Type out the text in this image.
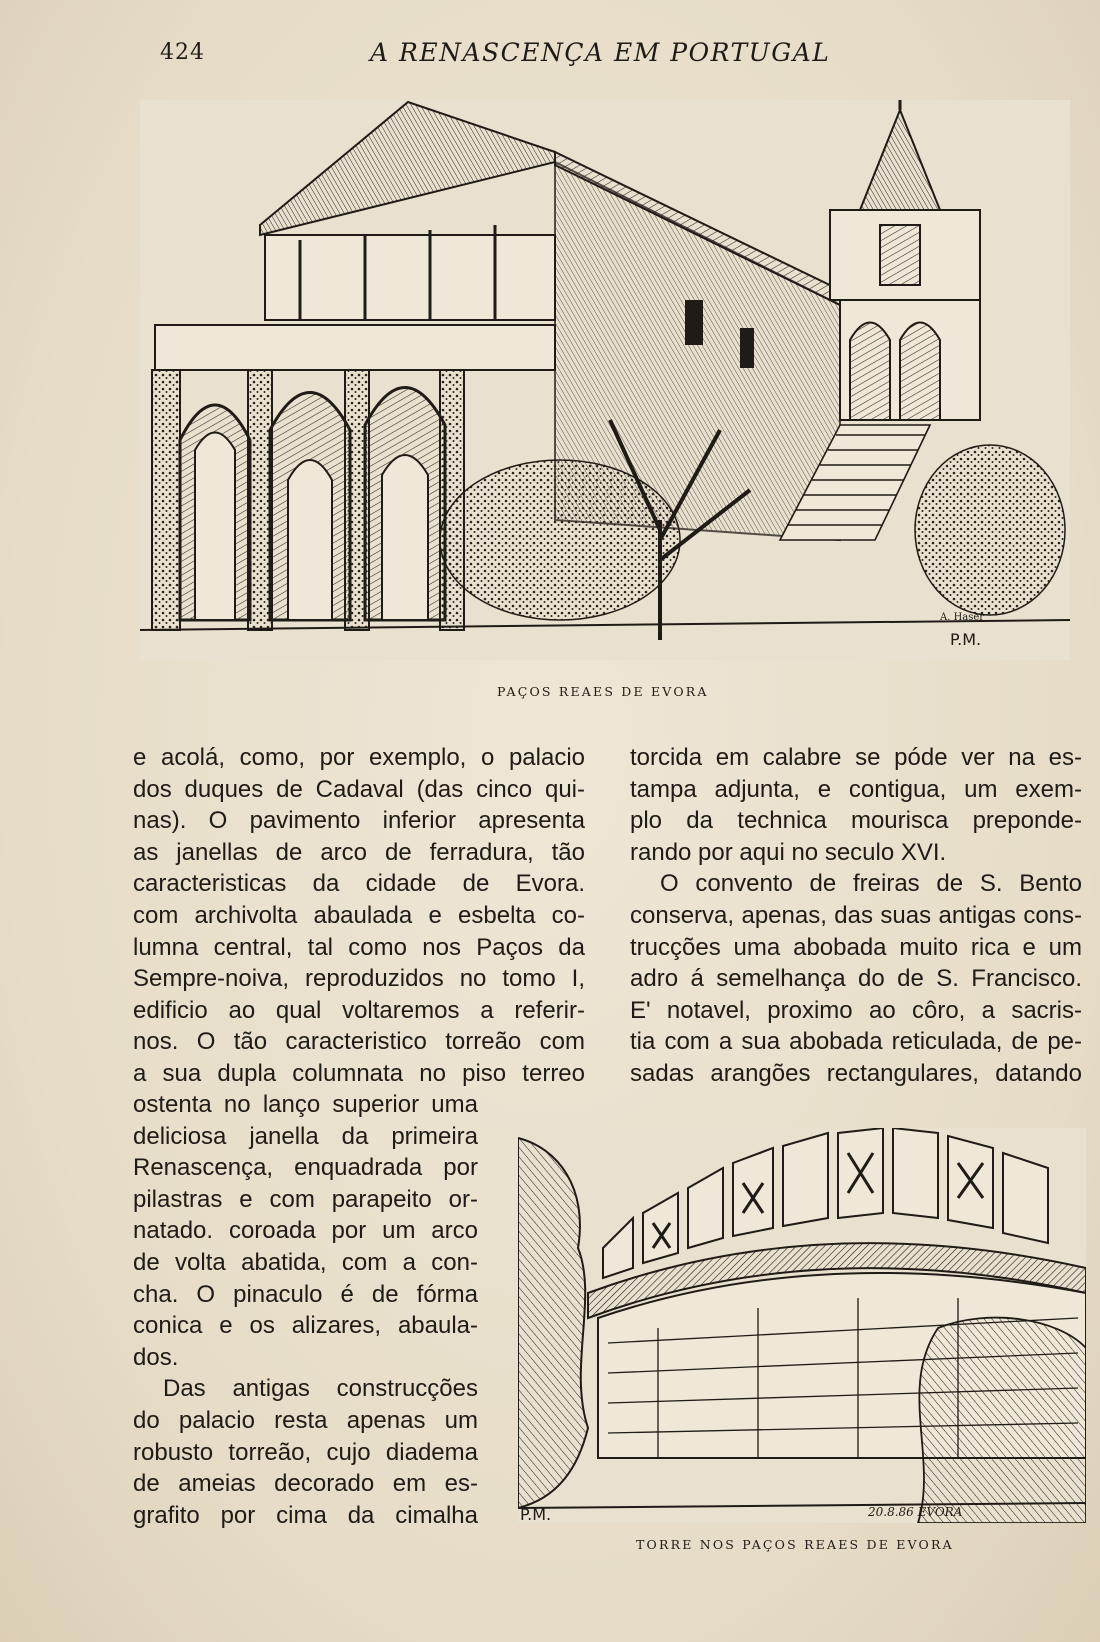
424	A RENASCENÇA EM PORTUGAL
A. Haser
P.M.
PAÇOS REAES DE EVORA
e acolá, como, por exemplo, o palacio
dos duques de Cadaval (das cinco qui-
nas). O pavimento inferior apresenta
as janellas de arco de ferradura, tão
caracteristicas da cidade de Evora.
com archivolta abaulada e esbelta co-
lumna central, tal como nos Paços da
Sempre-noiva, reproduzidos no tomo I,
edificio ao qual voltaremos a referir-
nos. O tão caracteristico torreão com
a sua dupla columnata no piso terreo
ostenta no lanço superior uma
deliciosa janella da primeira
Renascença, enquadrada por
pilastras e com parapeito or-
natado. coroada por um arco
de volta abatida, com a con-
cha. O pinaculo é de fórma
conica e os alizares, abaula-
dos.
Das antigas construcções
do palacio resta apenas um
robusto torreão, cujo diadema
de ameias decorado em es-
grafito por cima da cimalha
torcida em calabre se póde ver na es-
tampa adjunta, e contigua, um exem-
plo da technica mourisca preponde-
rando por aqui no seculo XVI.
O convento de freiras de S. Bento
conserva, apenas, das suas antigas cons-
trucções uma abobada muito rica e um
adro á semelhança do de S. Francisco.
E' notavel, proximo ao côro, a sacris-
tia com a sua abobada reticulada, de pe-
sadas arangões rectangulares, datando
P.M.	20.8.86 EVORA
TORRE NOS PAÇOS REAES DE EVORA
